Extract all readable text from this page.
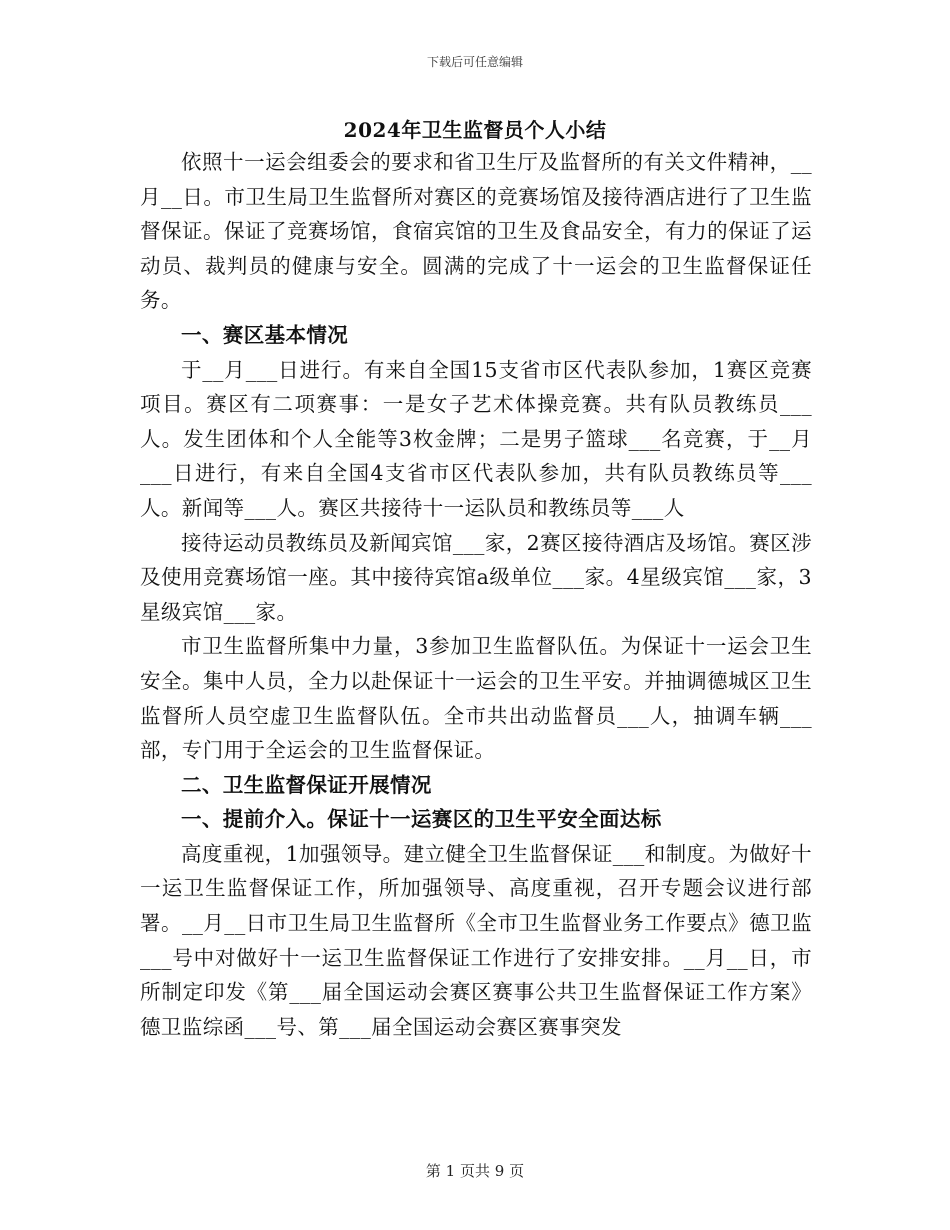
下载后可任意编辑
2024年卫生监督员个人小结

依照十一运会组委会的要求和省卫生厅及监督所的有关文件精神，__月__日。市卫生局卫生监督所对赛区的竞赛场馆及接待酒店进行了卫生监督保证。保证了竞赛场馆，食宿宾馆的卫生及食品安全，有力的保证了运动员、裁判员的健康与安全。圆满的完成了十一运会的卫生监督保证任务。

一、赛区基本情况

于__月___日进行。有来自全国15支省市区代表队参加，1赛区竞赛项目。赛区有二项赛事：一是女子艺术体操竞赛。共有队员教练员___人。发生团体和个人全能等3枚金牌；二是男子篮球___名竞赛，于__月___日进行，有来自全国4支省市区代表队参加，共有队员教练员等___人。新闻等___人。赛区共接待十一运队员和教练员等___人

接待运动员教练员及新闻宾馆___家，2赛区接待酒店及场馆。赛区涉及使用竞赛场馆一座。其中接待宾馆a级单位___家。4星级宾馆___家，3星级宾馆___家。

市卫生监督所集中力量，3参加卫生监督队伍。为保证十一运会卫生安全。集中人员，全力以赴保证十一运会的卫生平安。并抽调德城区卫生监督所人员空虚卫生监督队伍。全市共出动监督员___人，抽调车辆___部，专门用于全运会的卫生监督保证。

二、卫生监督保证开展情况

一、提前介入。保证十一运赛区的卫生平安全面达标

高度重视，1加强领导。建立健全卫生监督保证___和制度。为做好十一运卫生监督保证工作，所加强领导、高度重视，召开专题会议进行部署。__月__日市卫生局卫生监督所《全市卫生监督业务工作要点》德卫监___号中对做好十一运卫生监督保证工作进行了安排安排。__月__日，市所制定印发《第___届全国运动会赛区赛事公共卫生监督保证工作方案》德卫监综函___号、第___届全国运动会赛区赛事突发

第 1 页共 9 页
